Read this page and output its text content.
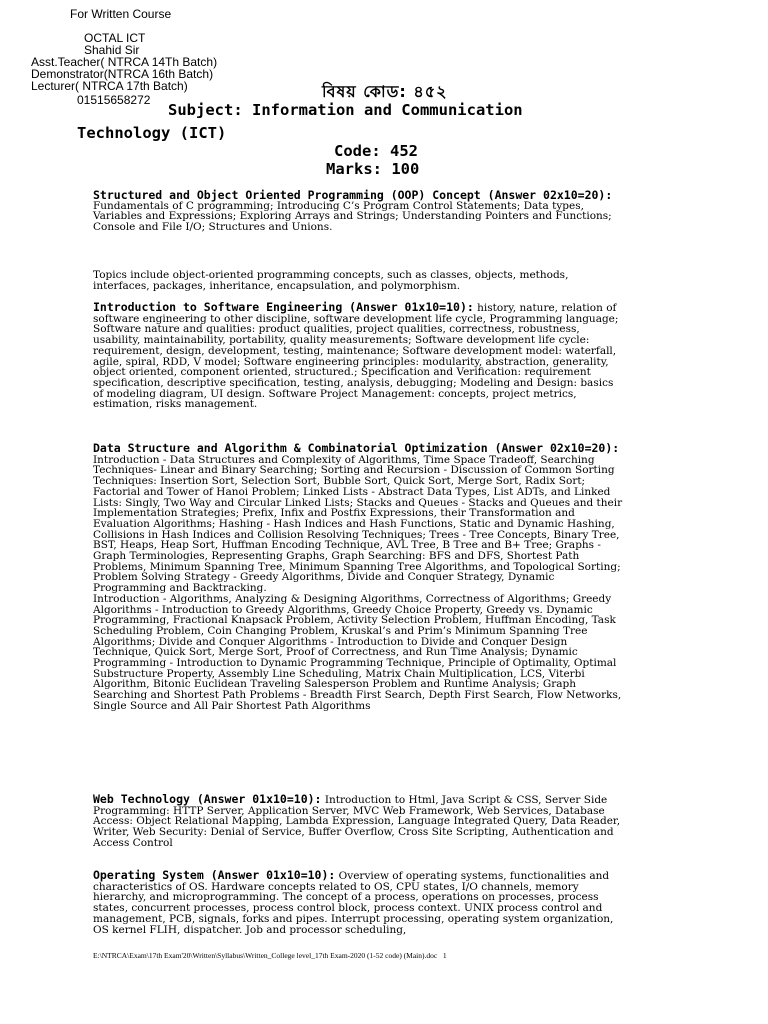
For Written Course
OCTAL ICT
Shahid Sir
Asst.Teacher( NTRCA 14Th Batch)
Demonstrator(NTRCA 16th Batch)
Lecturer( NTRCA 17th Batch)
01515658272	বিষয় কোড: ৪৫২
Subject: Information and Communication
Technology (ICT)
Code: 452
Marks: 100
Structured and Object Oriented Programming (OOP) Concept (Answer 02x10=20):

Fundamentals of C programming; Introducing C’s Program Control Statements; Data types, Variables and Expressions; Exploring Arrays and Strings; Understanding Pointers and Functions; Console and File I/O; Structures and Unions.

Topics include object-oriented programming concepts, such as classes, objects, methods, interfaces, packages, inheritance, encapsulation, and polymorphism.

Introduction to Software Engineering (Answer 01x10=10): history, nature, relation of software engineering to other discipline, software development life cycle, Programming language; Software nature and qualities: product qualities, project qualities, correctness, robustness, usability, maintainability, portability, quality measurements; Software development life cycle: requirement, design, development, testing, maintenance; Software development model: waterfall, agile, spiral, RDD, V model; Software engineering principles: modularity, abstraction, generality, object oriented, component oriented, structured.; Specification and Verification: requirement specification, descriptive specification, testing, analysis, debugging; Modeling and Design: basics of modeling diagram, UI design. Software Project Management: concepts, project metrics, estimation, risks management.

Data Structure and Algorithm & Combinatorial Optimization (Answer 02x10=20): Introduction - Data Structures and Complexity of Algorithms, Time Space Tradeoff, Searching Techniques- Linear and Binary Searching; Sorting and Recursion - Discussion of Common Sorting Techniques: Insertion Sort, Selection Sort, Bubble Sort, Quick Sort, Merge Sort, Radix Sort; Factorial and Tower of Hanoi Problem; Linked Lists - Abstract Data Types, List ADTs, and Linked Lists: Singly, Two Way and Circular Linked Lists; Stacks and Queues - Stacks and Queues and their Implementation Strategies; Prefix, Infix and Postfix Expressions, their Transformation and Evaluation Algorithms; Hashing - Hash Indices and Hash Functions, Static and Dynamic Hashing, Collisions in Hash Indices and Collision Resolving Techniques; Trees - Tree Concepts, Binary Tree, BST, Heaps, Heap Sort, Huffman Encoding Technique, AVL Tree, B Tree and B+ Tree; Graphs - Graph Terminologies, Representing Graphs, Graph Searching: BFS and DFS, Shortest Path Problems, Minimum Spanning Tree, Minimum Spanning Tree Algorithms, and Topological Sorting; Problem Solving Strategy - Greedy Algorithms, Divide and Conquer Strategy, Dynamic Programming and Backtracking.

Introduction - Algorithms, Analyzing & Designing Algorithms, Correctness of Algorithms; Greedy Algorithms - Introduction to Greedy Algorithms, Greedy Choice Property, Greedy vs. Dynamic Programming, Fractional Knapsack Problem, Activity Selection Problem, Huffman Encoding, Task Scheduling Problem, Coin Changing Problem, Kruskal’s and Prim’s Minimum Spanning Tree Algorithms; Divide and Conquer Algorithms - Introduction to Divide and Conquer Design Technique, Quick Sort, Merge Sort, Proof of Correctness, and Run Time Analysis; Dynamic Programming - Introduction to Dynamic Programming Technique, Principle of Optimality, Optimal Substructure Property, Assembly Line Scheduling, Matrix Chain Multiplication, LCS, Viterbi Algorithm, Bitonic Euclidean Traveling Salesperson Problem and Runtime Analysis; Graph Searching and Shortest Path Problems - Breadth First Search, Depth First Search, Flow Networks, Single Source and All Pair Shortest Path Algorithms

Web Technology (Answer 01x10=10): Introduction to Html, Java Script & CSS, Server Side Programming: HTTP Server, Application Server, MVC Web Framework, Web Services, Database Access: Object Relational Mapping, Lambda Expression, Language Integrated Query, Data Reader, Writer, Web Security: Denial of Service, Buffer Overflow, Cross Site Scripting, Authentication and Access Control

Operating System (Answer 01x10=10): Overview of operating systems, functionalities and characteristics of OS. Hardware concepts related to OS, CPU states, I/O channels, memory hierarchy, and microprogramming. The concept of a process, operations on processes, process states, concurrent processes, process control block, process context. UNIX process control and management, PCB, signals, forks and pipes. Interrupt processing, operating system organization, OS kernel FLIH, dispatcher. Job and processor scheduling,

E:\NTRCA\Exam\17th Exam'20\Written\Syllabus\Written_College level_17th Exam-2020 (1-52 code) (Main).doc 1
